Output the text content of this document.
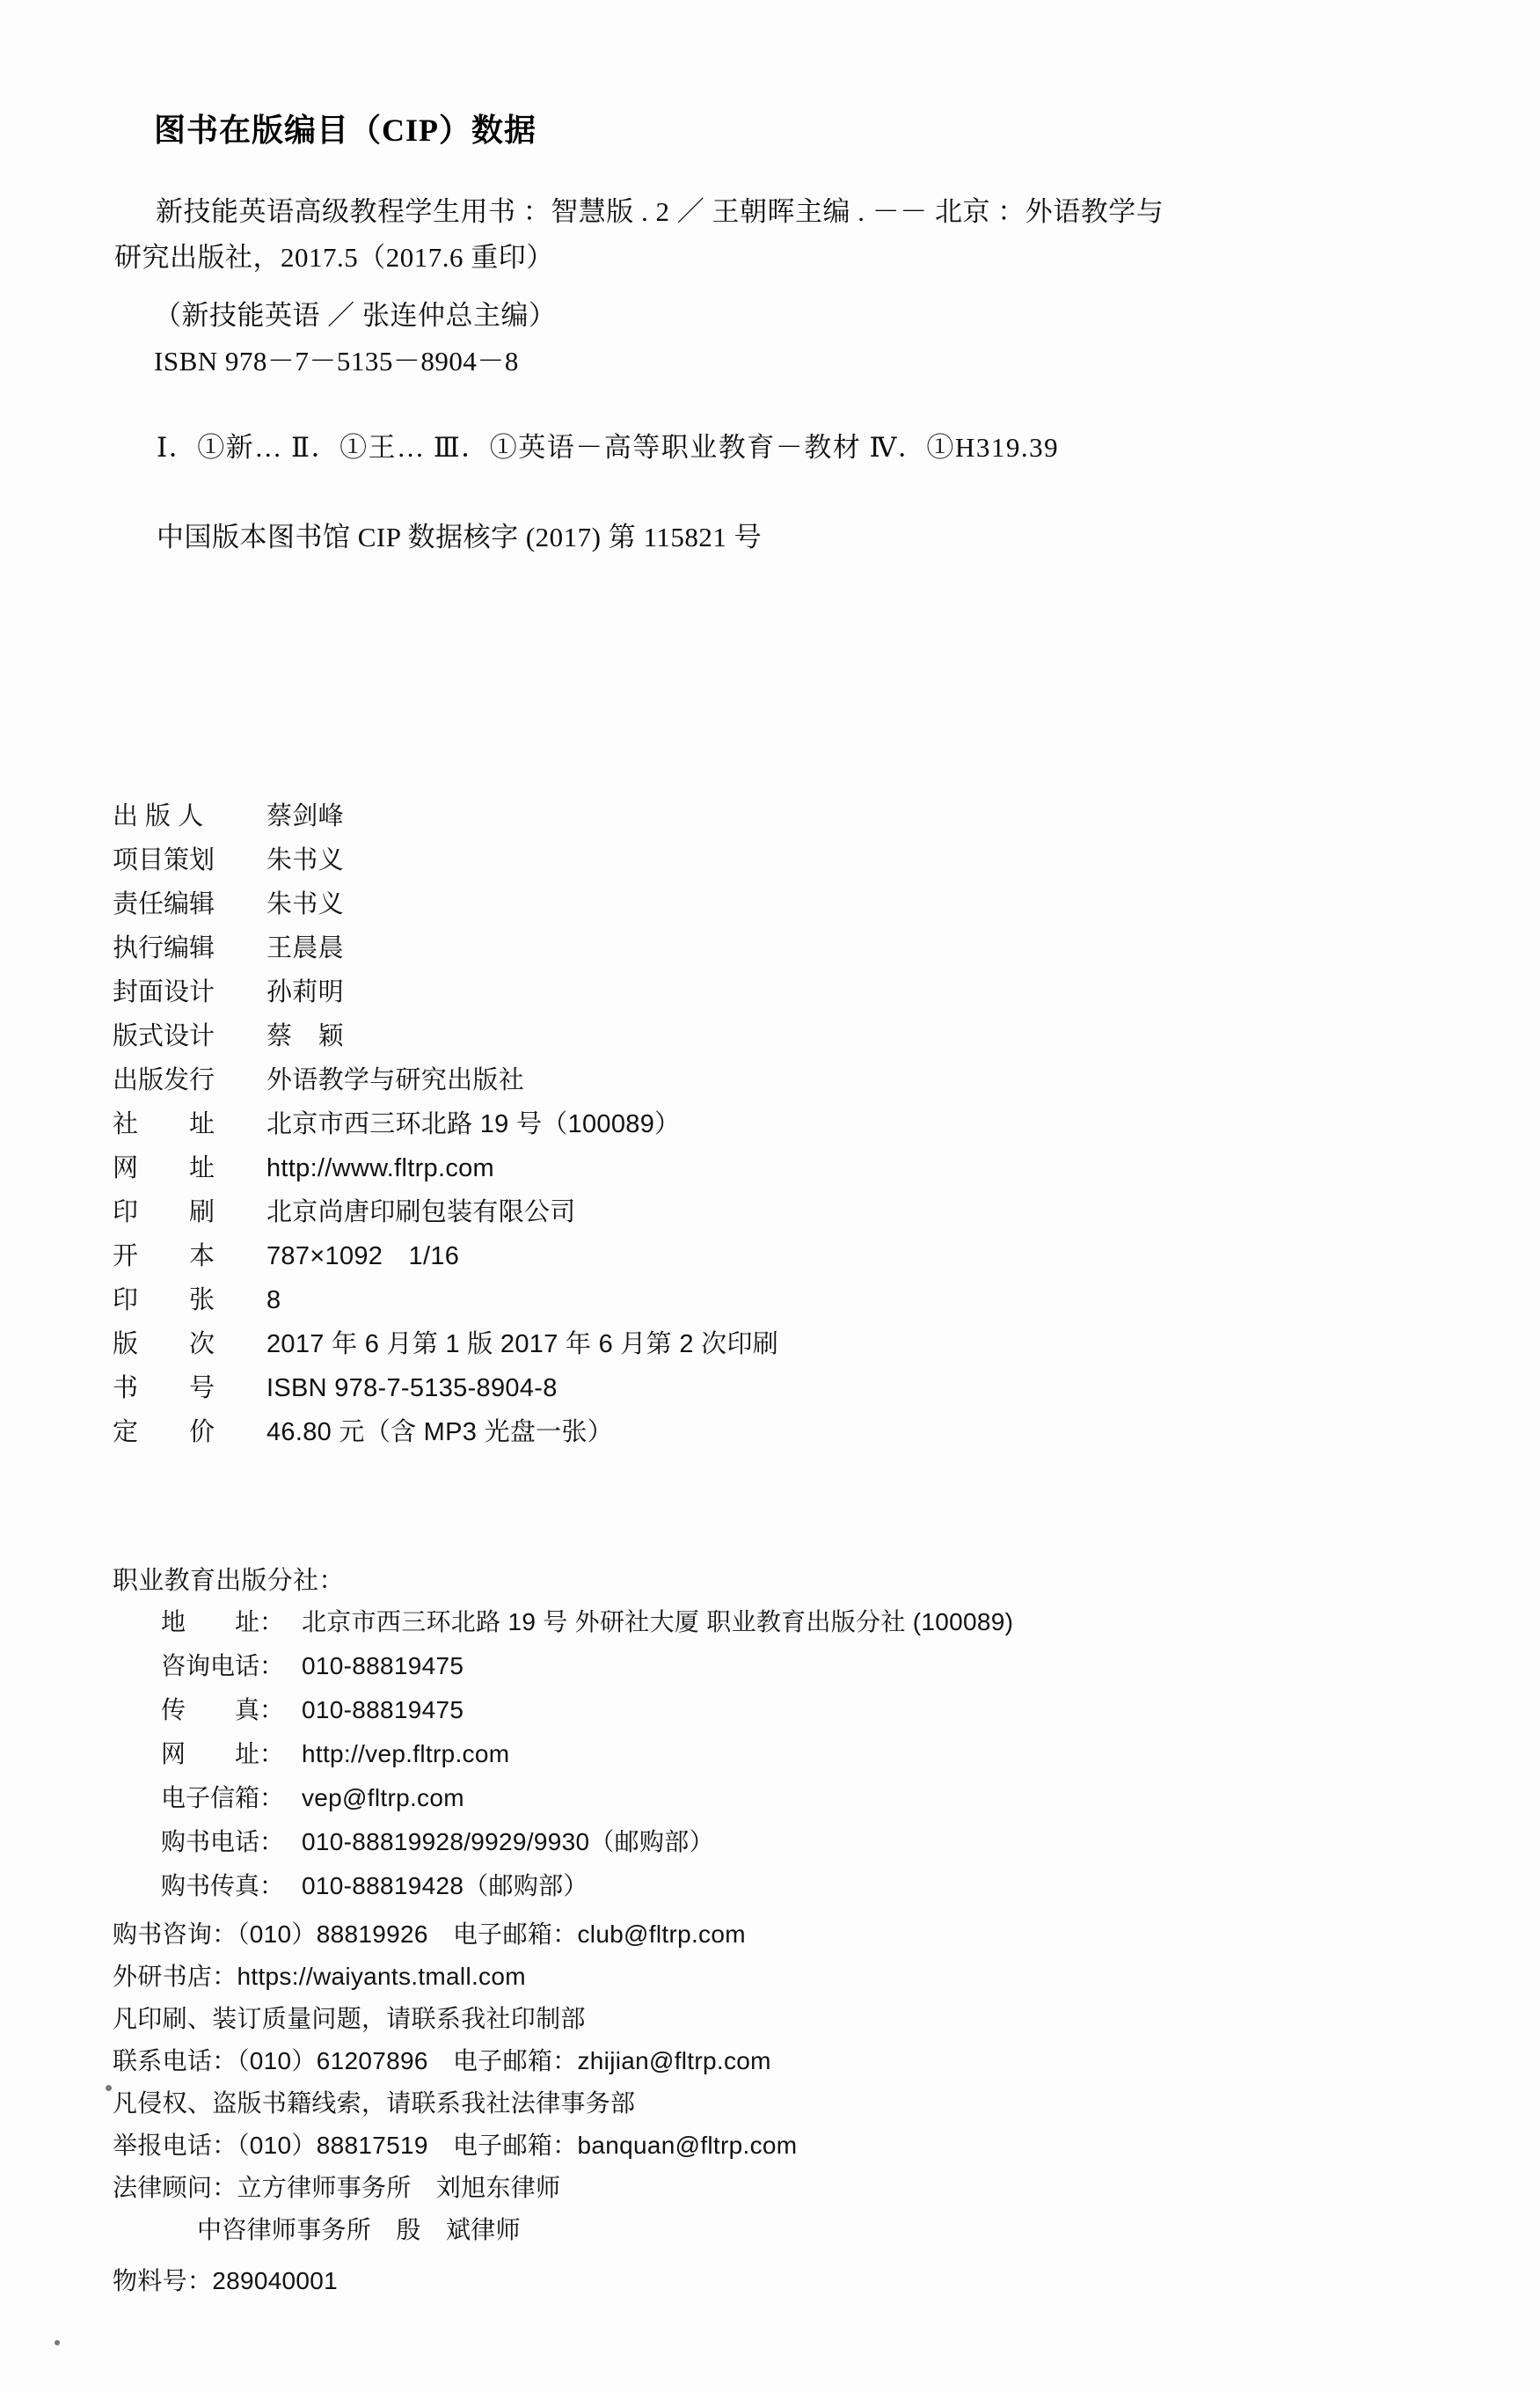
图书在版编目（CIP）数据
新技能英语高级教程学生用书 ：智慧版 . 2 ／ 王朝晖主编 . －－ 北京 ：外语教学与
研究出版社，2017.5（2017.6 重印）
（新技能英语 ／ 张连仲总主编）
ISBN 978－7－5135－8904－8
Ⅰ．①新… Ⅱ．①王… Ⅲ．①英语－高等职业教育－教材 Ⅳ．①H319.39
中国版本图书馆 CIP 数据核字 (2017) 第 115821 号
出 版 人	蔡剑峰
项目策划	朱书义
责任编辑	朱书义
执行编辑	王晨晨
封面设计	孙莉明
版式设计	蔡　颖
出版发行	外语教学与研究出版社
社　　址	北京市西三环北路 19 号（100089）
网　　址	http://www.fltrp.com
印　　刷	北京尚唐印刷包装有限公司
开　　本	787×1092　1/16
印　　张	8
版　　次	2017 年 6 月第 1 版 2017 年 6 月第 2 次印刷
书　　号	ISBN 978-7-5135-8904-8
定　　价	46.80 元（含 MP3 光盘一张）
职业教育出版分社：
地　　址： 北京市西三环北路 19 号 外研社大厦 职业教育出版分社 (100089)
咨询电话： 010-88819475
传　　真： 010-88819475
网　　址： http://vep.fltrp.com
电子信箱： vep@fltrp.com
购书电话： 010-88819928/9929/9930（邮购部）
购书传真： 010-88819428（邮购部）
购书咨询：（010）88819926　电子邮箱：club@fltrp.com
外研书店：https://waiyants.tmall.com
凡印刷、装订质量问题，请联系我社印制部
联系电话：（010）61207896　电子邮箱：zhijian@fltrp.com
凡侵权、盗版书籍线索，请联系我社法律事务部
举报电话：（010）88817519　电子邮箱：banquan@fltrp.com
法律顾问：立方律师事务所　刘旭东律师
中咨律师事务所　殷　斌律师
物料号：289040001
